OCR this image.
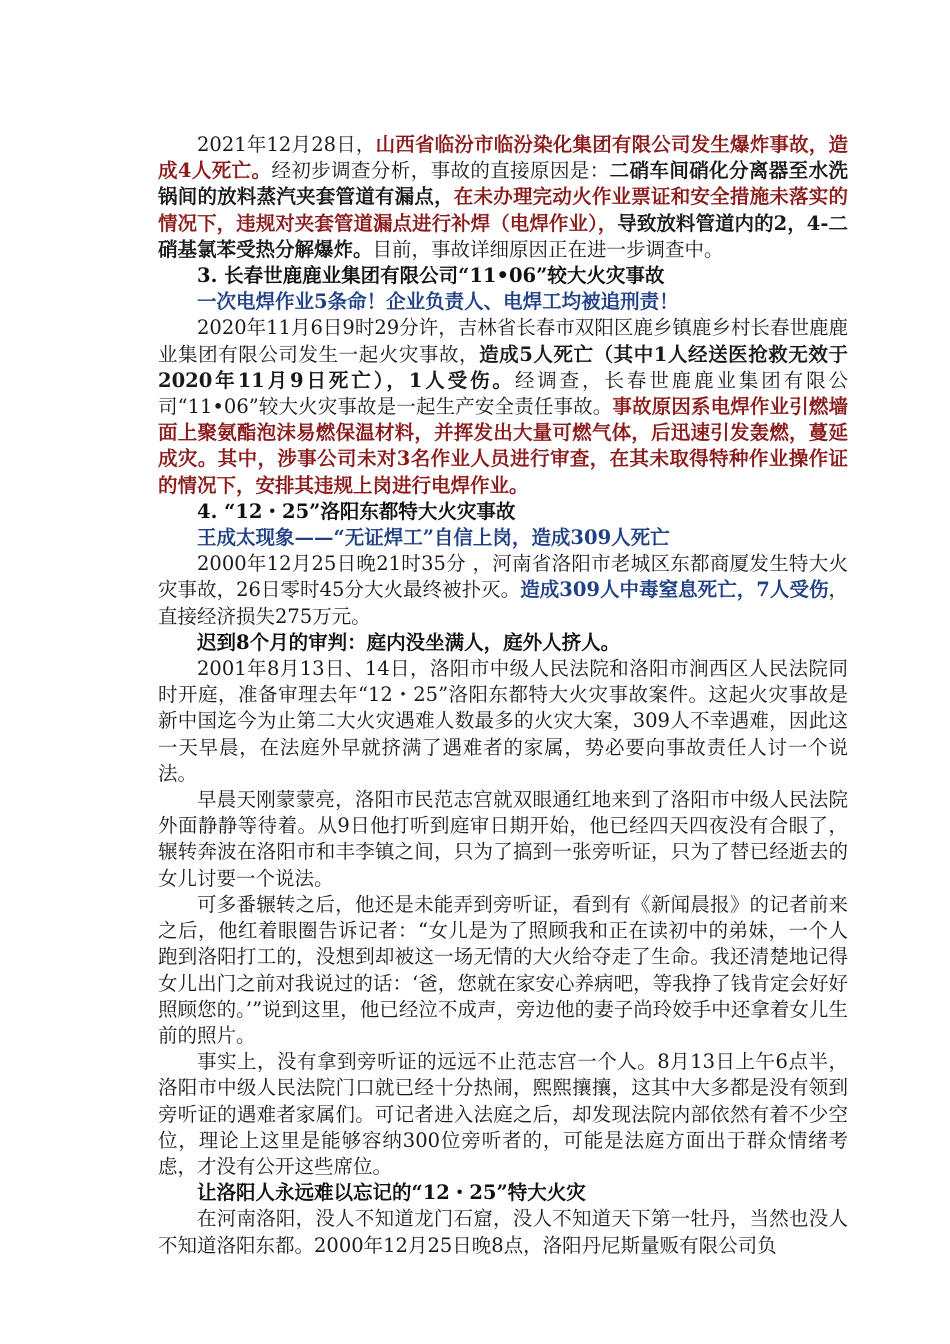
2021年12月28日，山西省临汾市临汾染化集团有限公司发生爆炸事故，造成4人死亡。经初步调查分析，事故的直接原因是：二硝车间硝化分离器至水洗锅间的放料蒸汽夹套管道有漏点，在未办理完动火作业票证和安全措施未落实的情况下，违规对夹套管道漏点进行补焊（电焊作业），导致放料管道内的2，4-二硝基氯苯受热分解爆炸。目前，事故详细原因正在进一步调查中。

3. 长春世鹿鹿业集团有限公司“11•06”较大火灾事故

一次电焊作业5条命！企业负责人、电焊工均被追刑责！

2020年11月6日9时29分许，吉林省长春市双阳区鹿乡镇鹿乡村长春世鹿鹿业集团有限公司发生一起火灾事故，造成5人死亡（其中1人经送医抢救无效于2020年11月9日死亡），1人受伤。经调查，长春世鹿鹿业集团有限公司“11•06”较大火灾事故是一起生产安全责任事故。事故原因系电焊作业引燃墙面上聚氨酯泡沫易燃保温材料，并挥发出大量可燃气体，后迅速引发轰燃，蔓延成灾。其中，涉事公司未对3名作业人员进行审查，在其未取得特种作业操作证的情况下，安排其违规上岗进行电焊作业。

4. “12・25”洛阳东都特大火灾事故

王成太现象——“无证焊工”自信上岗，造成309人死亡

2000年12月25日晚21时35分 ，河南省洛阳市老城区东都商厦发生特大火灾事故，26日零时45分大火最终被扑灭。造成309人中毒窒息死亡，7人受伤，直接经济损失275万元。

迟到8个月的审判：庭内没坐满人，庭外人挤人。

2001年8月13日、14日，洛阳市中级人民法院和洛阳市涧西区人民法院同时开庭，准备审理去年“12・25”洛阳东都特大火灾事故案件。这起火灾事故是新中国迄今为止第二大火灾遇难人数最多的火灾大案，309人不幸遇难，因此这一天早晨，在法庭外早就挤满了遇难者的家属，势必要向事故责任人讨一个说法。

早晨天刚蒙蒙亮，洛阳市民范志宫就双眼通红地来到了洛阳市中级人民法院外面静静等待着。从9日他打听到庭审日期开始，他已经四天四夜没有合眼了，辗转奔波在洛阳市和丰李镇之间，只为了搞到一张旁听证，只为了替已经逝去的女儿讨要一个说法。

可多番辗转之后，他还是未能弄到旁听证，看到有《新闻晨报》的记者前来之后，他红着眼圈告诉记者：“女儿是为了照顾我和正在读初中的弟妹，一个人跑到洛阳打工的，没想到却被这一场无情的大火给夺走了生命。我还清楚地记得女儿出门之前对我说过的话：‘爸，您就在家安心养病吧，等我挣了钱肯定会好好照顾您的。’”说到这里，他已经泣不成声，旁边他的妻子尚玲姣手中还拿着女儿生前的照片。

事实上，没有拿到旁听证的远远不止范志宫一个人。8月13日上午6点半，洛阳市中级人民法院门口就已经十分热闹，熙熙攘攘，这其中大多都是没有领到旁听证的遇难者家属们。可记者进入法庭之后，却发现法院内部依然有着不少空位，理论上这里是能够容纳300位旁听者的，可能是法庭方面出于群众情绪考虑，才没有公开这些席位。

让洛阳人永远难以忘记的“12・25”特大火灾

在河南洛阳，没人不知道龙门石窟，没人不知道天下第一牡丹，当然也没人不知道洛阳东都。2000年12月25日晚8点，洛阳丹尼斯量贩有限公司负
